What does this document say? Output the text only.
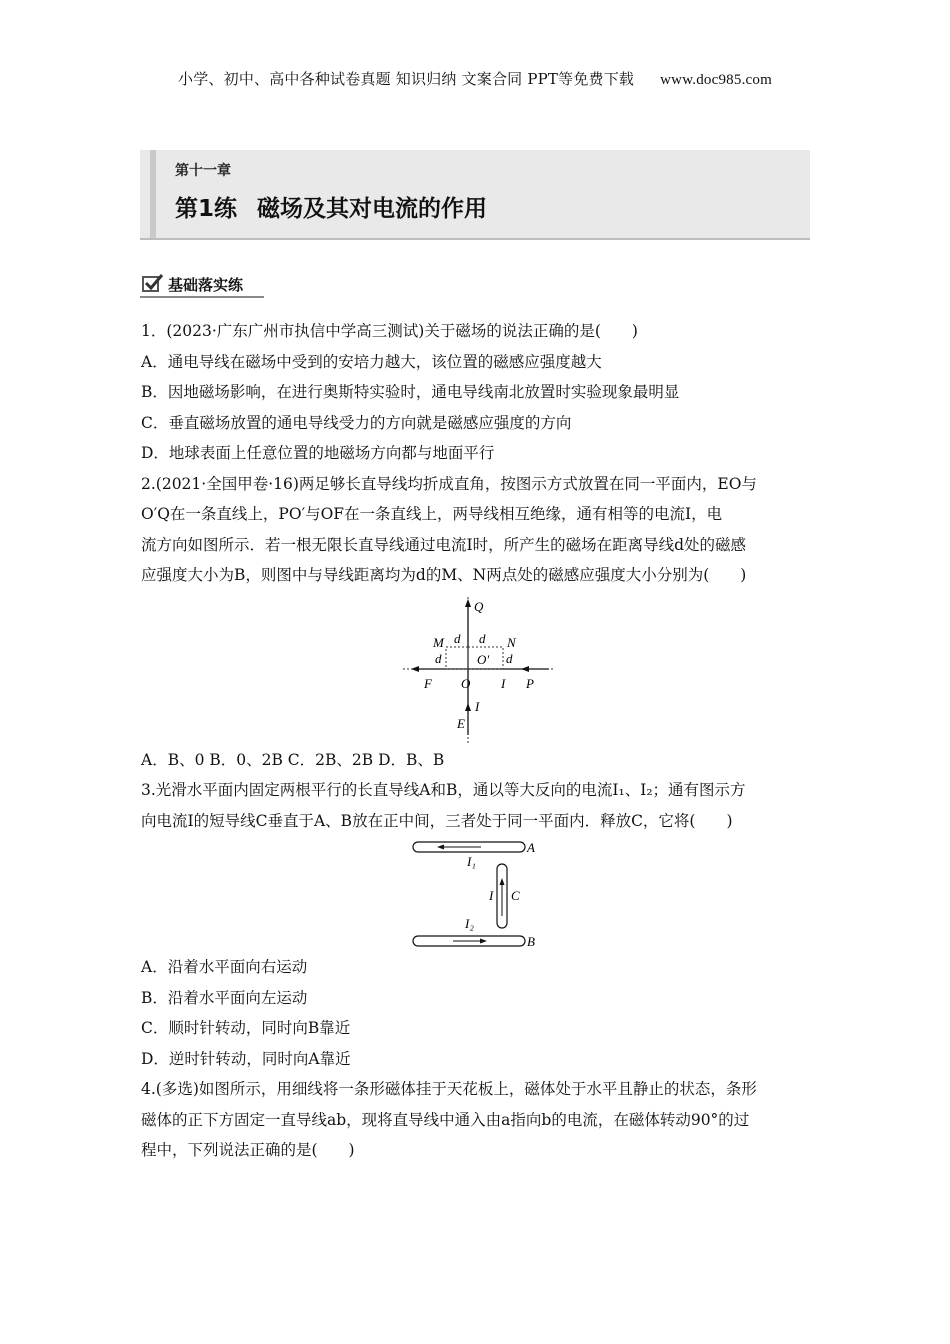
小学、初中、高中各种试卷真题 知识归纳 文案合同 PPT等免费下载 www.doc985.com
第十一章
第1练 磁场及其对电流的作用
基础落实练

1．(2023·广东广州市执信中学高三测试)关于磁场的说法正确的是(　　)

A．通电导线在磁场中受到的安培力越大，该位置的磁感应强度越大

B．因地磁场影响，在进行奥斯特实验时，通电导线南北放置时实验现象最明显

C．垂直磁场放置的通电导线受力的方向就是磁感应强度的方向

D．地球表面上任意位置的地磁场方向都与地面平行

2.(2021·全国甲卷·16)两足够长直导线均折成直角，按图示方式放置在同一平面内，EO与

O′Q在一条直线上，PO′与OF在一条直线上，两导线相互绝缘，通有相等的电流I，电

流方向如图所示．若一根无限长直导线通过电流I时，所产生的磁场在距离导线d处的磁感

应强度大小为B，则图中与导线距离均为d的M、N两点处的磁感应强度大小分别为(　　)

Q
M d d N
d	O′ d
F O I P
I
E

A．B、0 B．0、2B C．2B、2B D．B、B

3.光滑水平面内固定两根平行的长直导线A和B，通以等大反向的电流I₁、I₂；通有图示方

向电流I的短导线C垂直于A、B放在正中间，三者处于同一平面内．释放C，它将(　　)

A
I₁
I C
I₂
B

A．沿着水平面向右运动

B．沿着水平面向左运动

C．顺时针转动，同时向B靠近

D．逆时针转动，同时向A靠近

4.(多选)如图所示，用细线将一条形磁体挂于天花板上，磁体处于水平且静止的状态，条形

磁体的正下方固定一直导线ab，现将直导线中通入由a指向b的电流，在磁体转动90°的过

程中，下列说法正确的是(　　)
